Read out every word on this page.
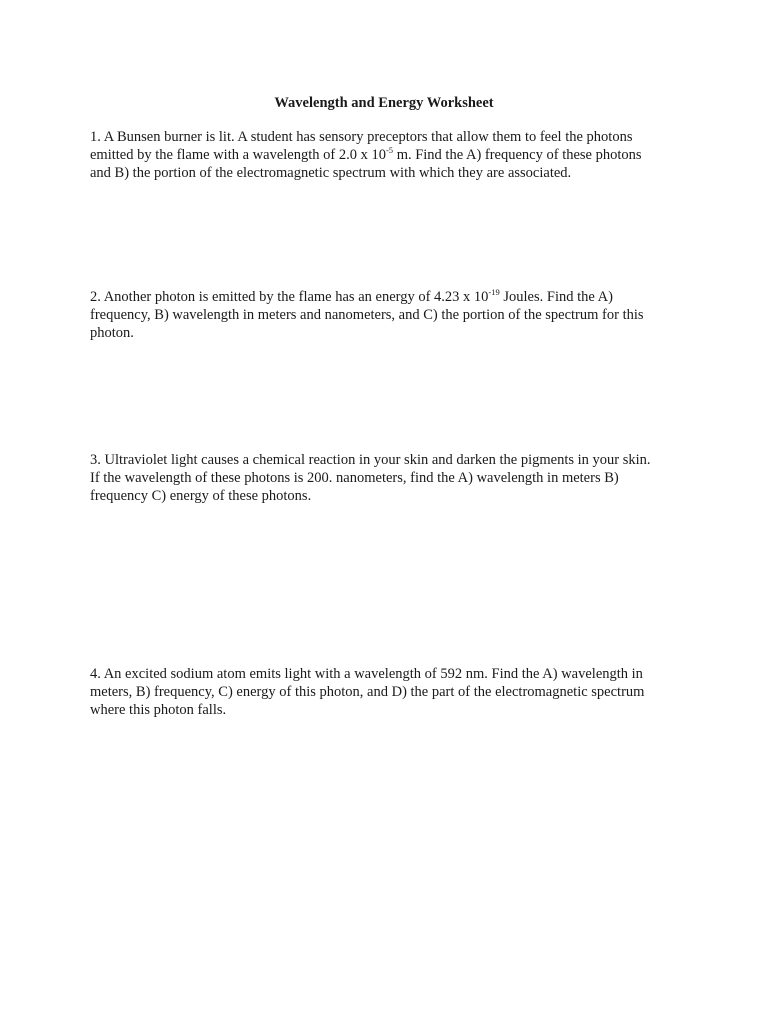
Wavelength and Energy Worksheet

1. A Bunsen burner is lit. A student has sensory preceptors that allow them to feel the photons
emitted by the flame with a wavelength of 2.0 x $10^{-5}$ m. Find the A) frequency of these photons
and B) the portion of the electromagnetic spectrum with which they are associated.

2. Another photon is emitted by the flame has an energy of 4.23 x $10^{-19}$ Joules. Find the A)
frequency, B) wavelength in meters and nanometers, and C) the portion of the spectrum for this
photon.

3. Ultraviolet light causes a chemical reaction in your skin and darken the pigments in your skin.
If the wavelength of these photons is 200. nanometers, find the A) wavelength in meters B)
frequency C) energy of these photons.

4. An excited sodium atom emits light with a wavelength of 592 nm. Find the A) wavelength in
meters, B) frequency, C) energy of this photon, and D) the part of the electromagnetic spectrum
where this photon falls.
